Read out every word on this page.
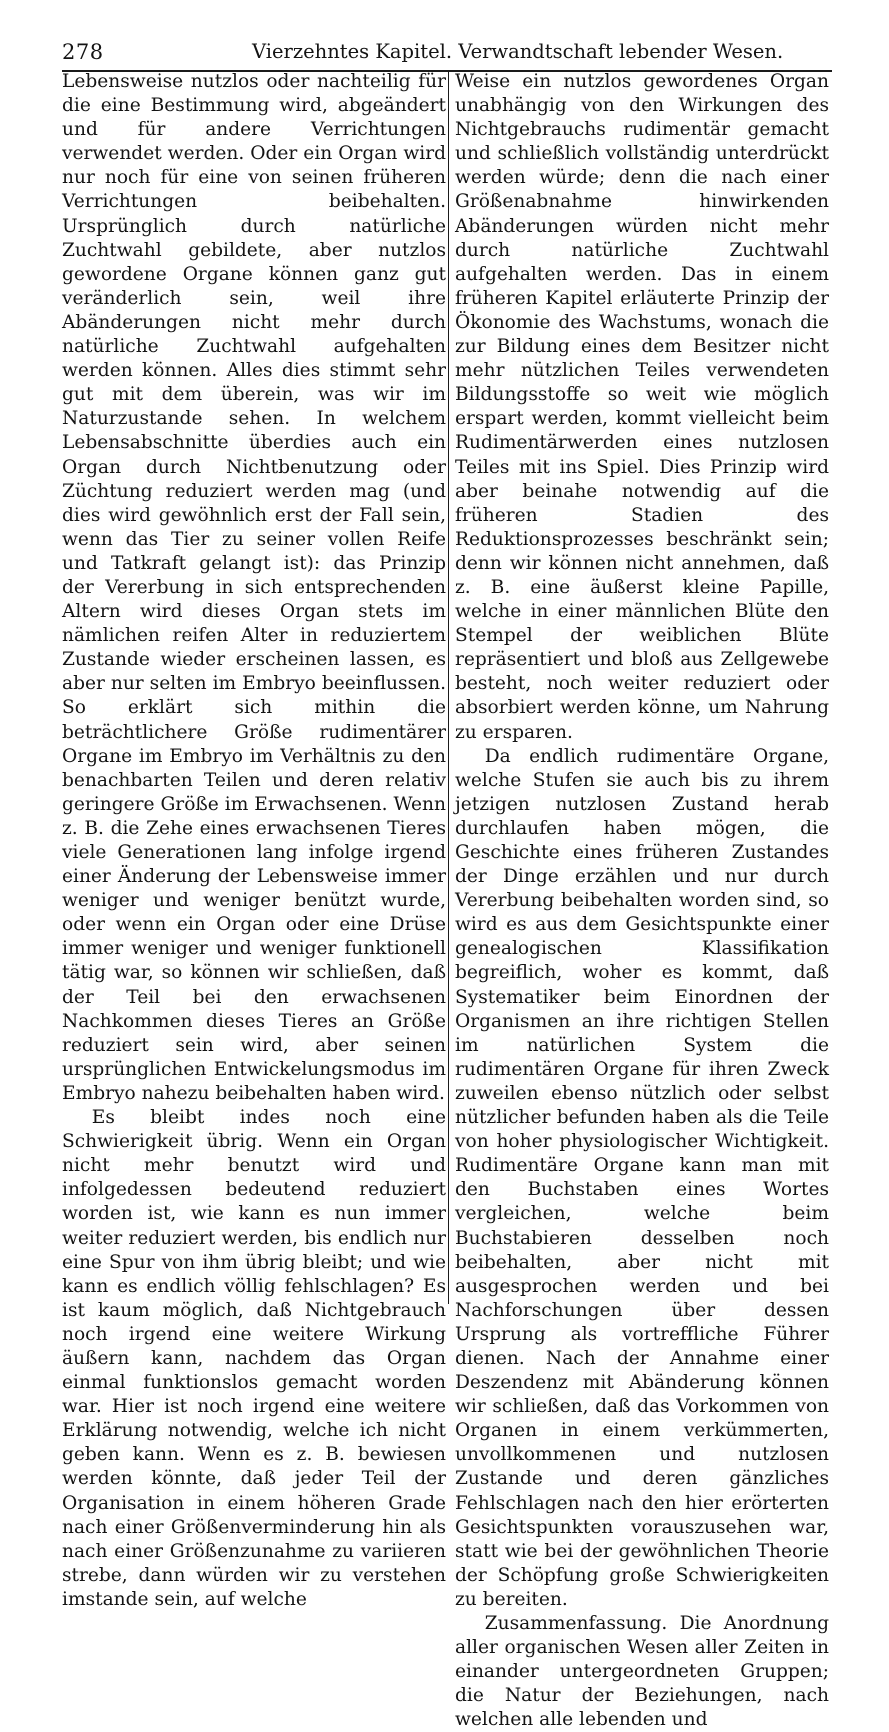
278	Vierzehntes Kapitel. Verwandtschaft lebender Wesen.

Lebensweise nutzlos oder nachteilig für die eine Bestimmung wird, abgeändert und für andere Verrichtungen verwendet werden. Oder ein Organ wird nur noch für eine von seinen früheren Verrichtungen beibehalten. Ursprünglich durch natürliche Zuchtwahl gebildete, aber nutzlos gewordene Organe können ganz gut veränderlich sein, weil ihre Abänderungen nicht mehr durch natürliche Zuchtwahl aufgehalten werden können. Alles dies stimmt sehr gut mit dem überein, was wir im Naturzustande sehen. In welchem Lebensabschnitte überdies auch ein Organ durch Nichtbenutzung oder Züchtung reduziert werden mag (und dies wird gewöhnlich erst der Fall sein, wenn das Tier zu seiner vollen Reife und Tatkraft gelangt ist): das Prinzip der Vererbung in sich entsprechenden Altern wird dieses Organ stets im nämlichen reifen Alter in reduziertem Zustande wieder erscheinen lassen, es aber nur selten im Embryo beeinflussen. So erklärt sich mithin die beträchtlichere Größe rudimentärer Organe im Embryo im Verhältnis zu den benachbarten Teilen und deren relativ geringere Größe im Erwachsenen. Wenn z. B. die Zehe eines erwachsenen Tieres viele Generationen lang infolge irgend einer Änderung der Lebensweise immer weniger und weniger benützt wurde, oder wenn ein Organ oder eine Drüse immer weniger und weniger funktionell tätig war, so können wir schließen, daß der Teil bei den erwachsenen Nachkommen dieses Tieres an Größe reduziert sein wird, aber seinen ursprünglichen Entwickelungsmodus im Embryo nahezu beibehalten haben wird.

Es bleibt indes noch eine Schwierigkeit übrig. Wenn ein Organ nicht mehr benutzt wird und infolgedessen bedeutend reduziert worden ist, wie kann es nun immer weiter reduziert werden, bis endlich nur eine Spur von ihm übrig bleibt; und wie kann es endlich völlig fehlschlagen? Es ist kaum möglich, daß Nichtgebrauch noch irgend eine weitere Wirkung äußern kann, nachdem das Organ einmal funktionslos gemacht worden war. Hier ist noch irgend eine weitere Erklärung notwendig, welche ich nicht geben kann. Wenn es z. B. bewiesen werden könnte, daß jeder Teil der Organisation in einem höheren Grade nach einer Größenverminderung hin als nach einer Größenzunahme zu variieren strebe, dann würden wir zu verstehen imstande sein, auf welche

Weise ein nutzlos gewordenes Organ unabhängig von den Wirkungen des Nichtgebrauchs rudimentär gemacht und schließlich vollständig unterdrückt werden würde; denn die nach einer Größenabnahme hinwirkenden Abänderungen würden nicht mehr durch natürliche Zuchtwahl aufgehalten werden. Das in einem früheren Kapitel erläuterte Prinzip der Ökonomie des Wachstums, wonach die zur Bildung eines dem Besitzer nicht mehr nützlichen Teiles verwendeten Bildungsstoffe so weit wie möglich erspart werden, kommt vielleicht beim Rudimentärwerden eines nutzlosen Teiles mit ins Spiel. Dies Prinzip wird aber beinahe notwendig auf die früheren Stadien des Reduktionsprozesses beschränkt sein; denn wir können nicht annehmen, daß z. B. eine äußerst kleine Papille, welche in einer männlichen Blüte den Stempel der weiblichen Blüte repräsentiert und bloß aus Zellgewebe besteht, noch weiter reduziert oder absorbiert werden könne, um Nahrung zu ersparen.

Da endlich rudimentäre Organe, welche Stufen sie auch bis zu ihrem jetzigen nutzlosen Zustand herab durchlaufen haben mögen, die Geschichte eines früheren Zustandes der Dinge erzählen und nur durch Vererbung beibehalten worden sind, so wird es aus dem Gesichtspunkte einer genealogischen Klassifikation begreiflich, woher es kommt, daß Systematiker beim Einordnen der Organismen an ihre richtigen Stellen im natürlichen System die rudimentären Organe für ihren Zweck zuweilen ebenso nützlich oder selbst nützlicher befunden haben als die Teile von hoher physiologischer Wichtigkeit. Rudimentäre Organe kann man mit den Buchstaben eines Wortes vergleichen, welche beim Buchstabieren desselben noch beibehalten, aber nicht mit ausgesprochen werden und bei Nachforschungen über dessen Ursprung als vortreffliche Führer dienen. Nach der Annahme einer Deszendenz mit Abänderung können wir schließen, daß das Vorkommen von Organen in einem verkümmerten, unvollkommenen und nutzlosen Zustande und deren gänzliches Fehlschlagen nach den hier erörterten Gesichtspunkten vorauszusehen war, statt wie bei der gewöhnlichen Theorie der Schöpfung große Schwierigkeiten zu bereiten.

Zusammenfassung. Die Anordnung aller organischen Wesen aller Zeiten in einander untergeordneten Gruppen; die Natur der Beziehungen, nach welchen alle lebenden und
